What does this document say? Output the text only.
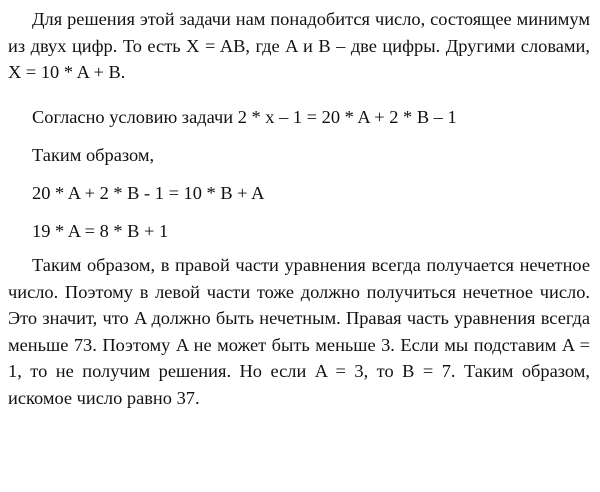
Для решения этой задачи нам понадобится число, состоящее минимум из двух цифр. То есть X = AB, где A и B – две цифры. Другими словами, X = 10 * A + B.

Согласно условию задачи 2 * x – 1 = 20 * A + 2 * B – 1

Таким образом,

20 * A + 2 * B - 1 = 10 * B + A

19 * A = 8 * B + 1

Таким образом, в правой части уравнения всегда получается нечетное число. Поэтому в левой части тоже должно получиться нечетное число. Это значит, что A должно быть нечетным. Правая часть уравнения всегда меньше 73. Поэтому A не может быть меньше 3. Если мы подставим A = 1, то не получим решения. Но если A = 3, то B = 7. Таким образом, искомое число равно 37.
